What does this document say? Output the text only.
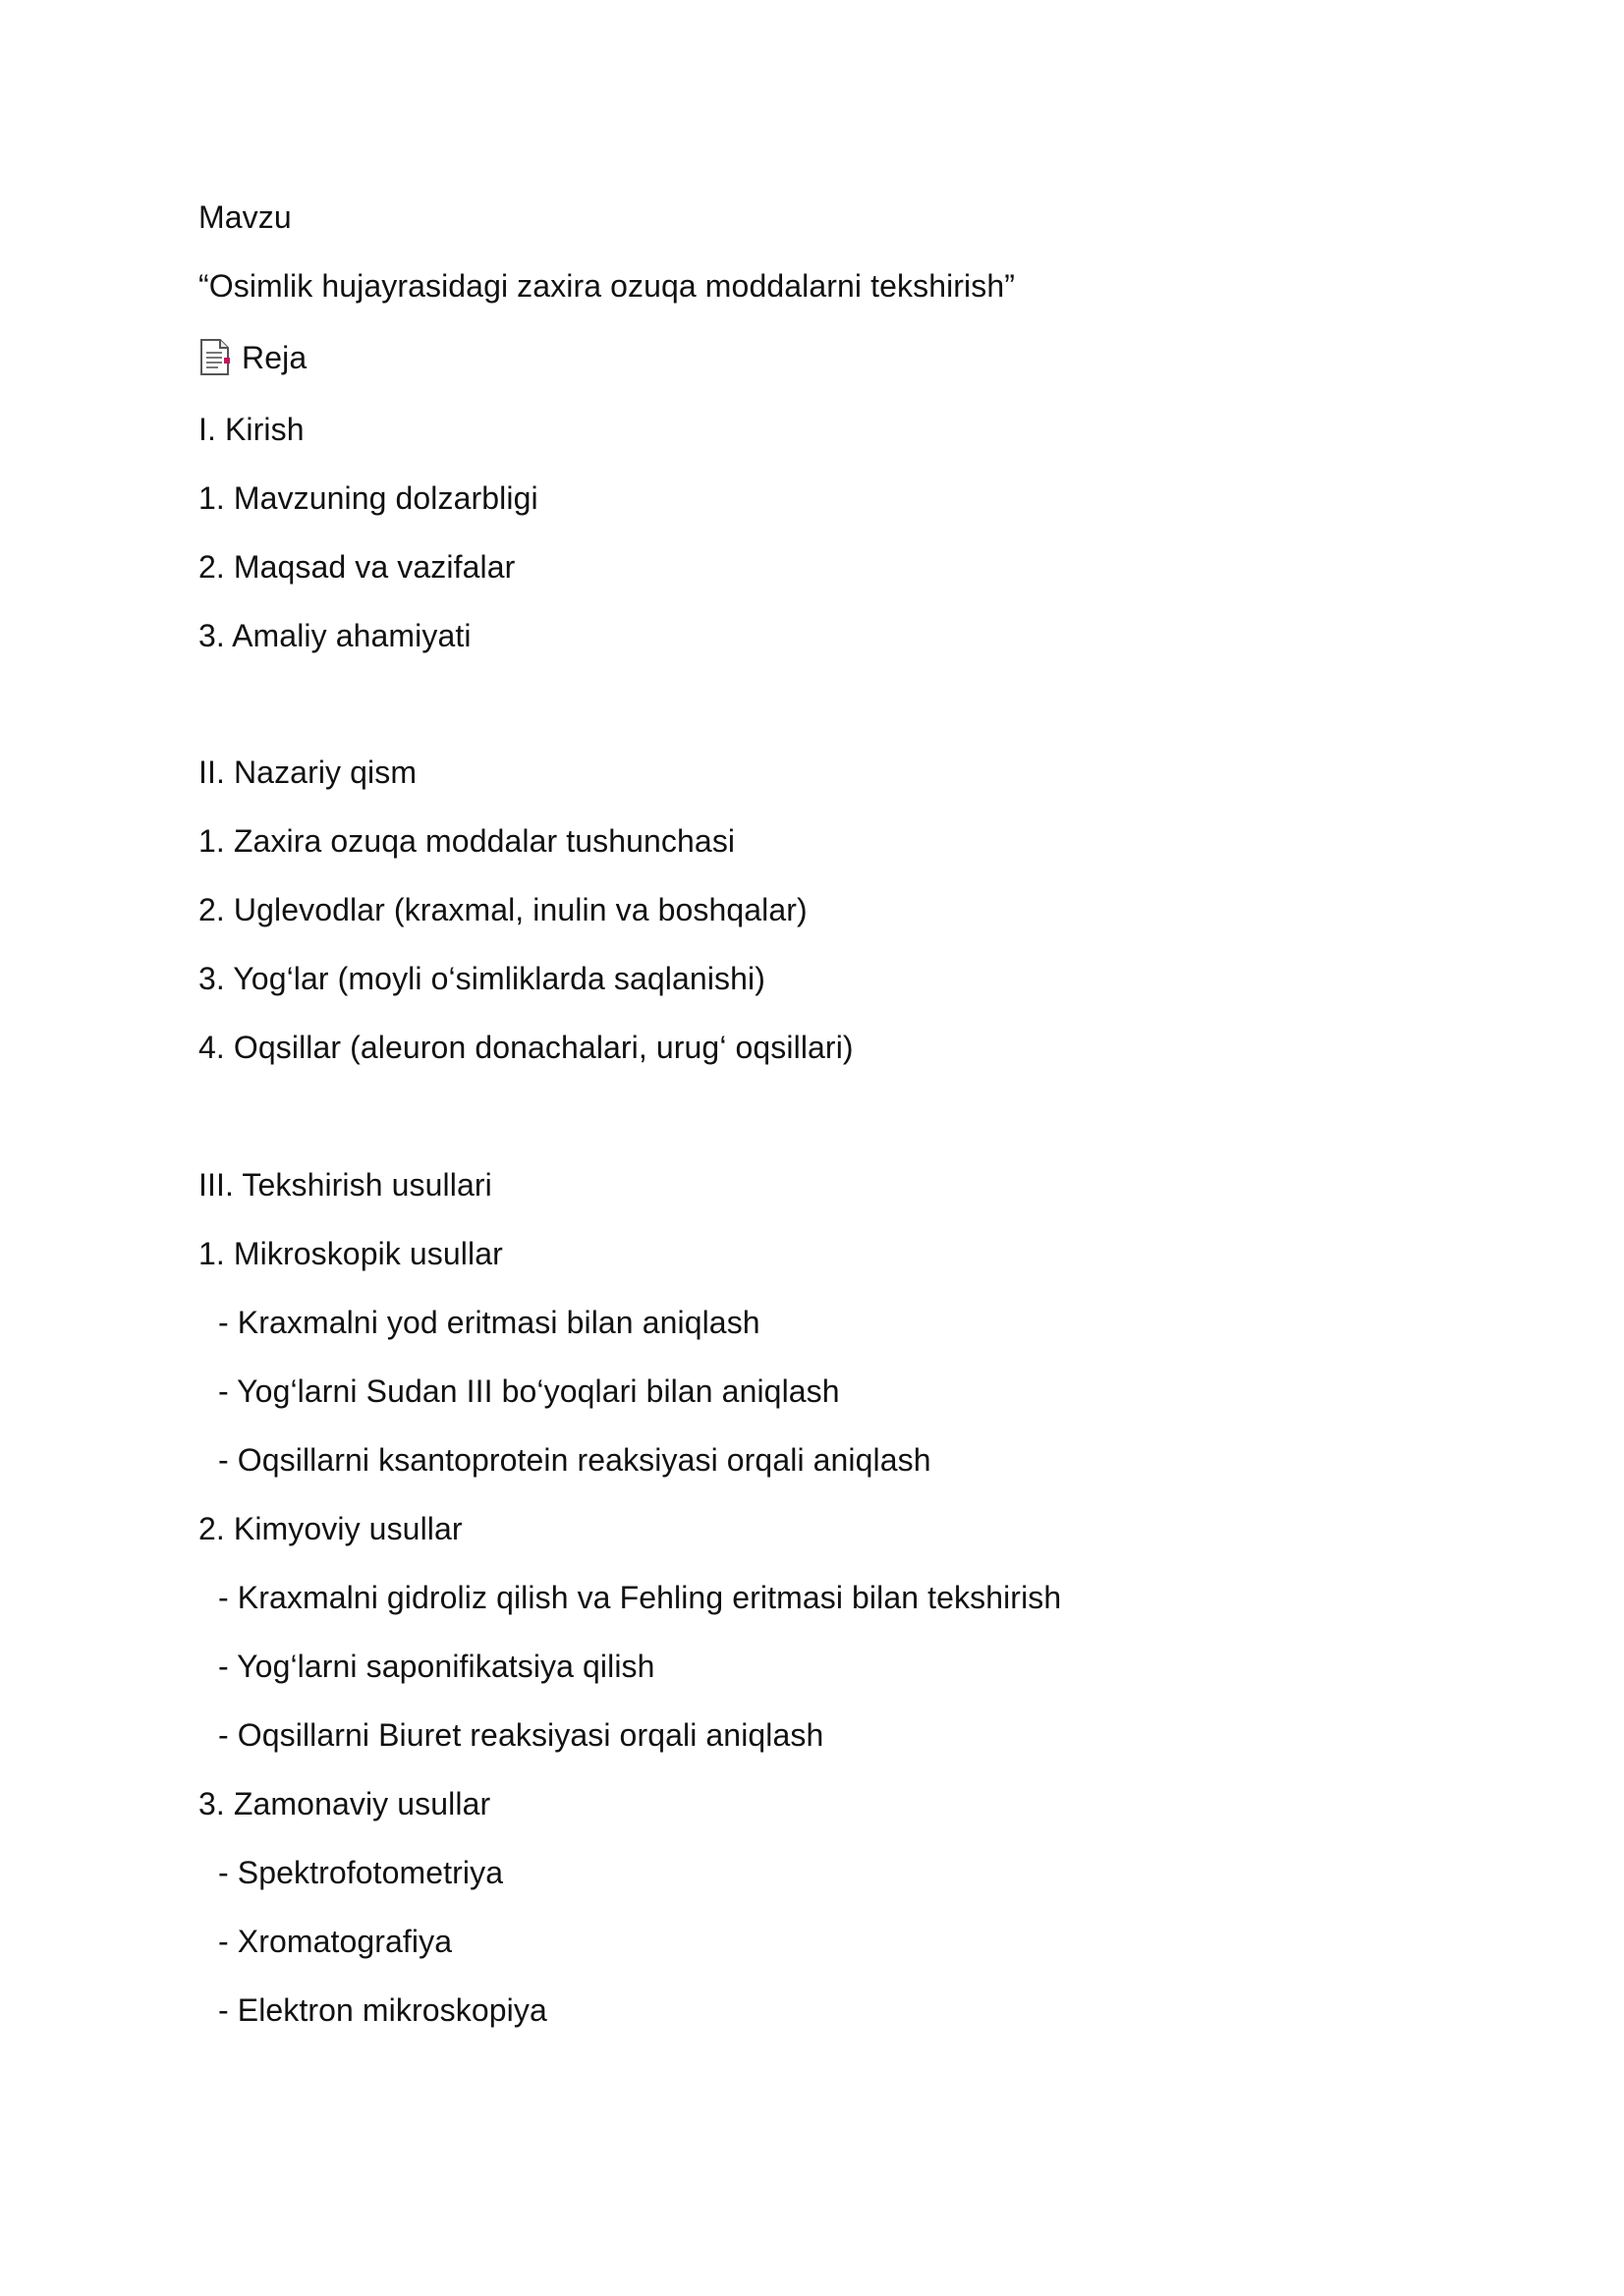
Mavzu
“Osimlik hujayrasidagi zaxira ozuqa moddalarni tekshirish”
Reja
I. Kirish
1. Mavzuning dolzarbligi
2. Maqsad va vazifalar
3. Amaliy ahamiyati
II. Nazariy qism
1. Zaxira ozuqa moddalar tushunchasi
2. Uglevodlar (kraxmal, inulin va boshqalar)
3. Yog‘lar (moyli o‘simliklarda saqlanishi)
4. Oqsillar (aleuron donachalari, urug‘ oqsillari)
III. Tekshirish usullari
1. Mikroskopik usullar
- Kraxmalni yod eritmasi bilan aniqlash
- Yog‘larni Sudan III bo‘yoqlari bilan aniqlash
- Oqsillarni ksantoprotein reaksiyasi orqali aniqlash
2. Kimyoviy usullar
- Kraxmalni gidroliz qilish va Fehling eritmasi bilan tekshirish
- Yog‘larni saponifikatsiya qilish
- Oqsillarni Biuret reaksiyasi orqali aniqlash
3. Zamonaviy usullar
- Spektrofotometriya
- Xromatografiya
- Elektron mikroskopiya
